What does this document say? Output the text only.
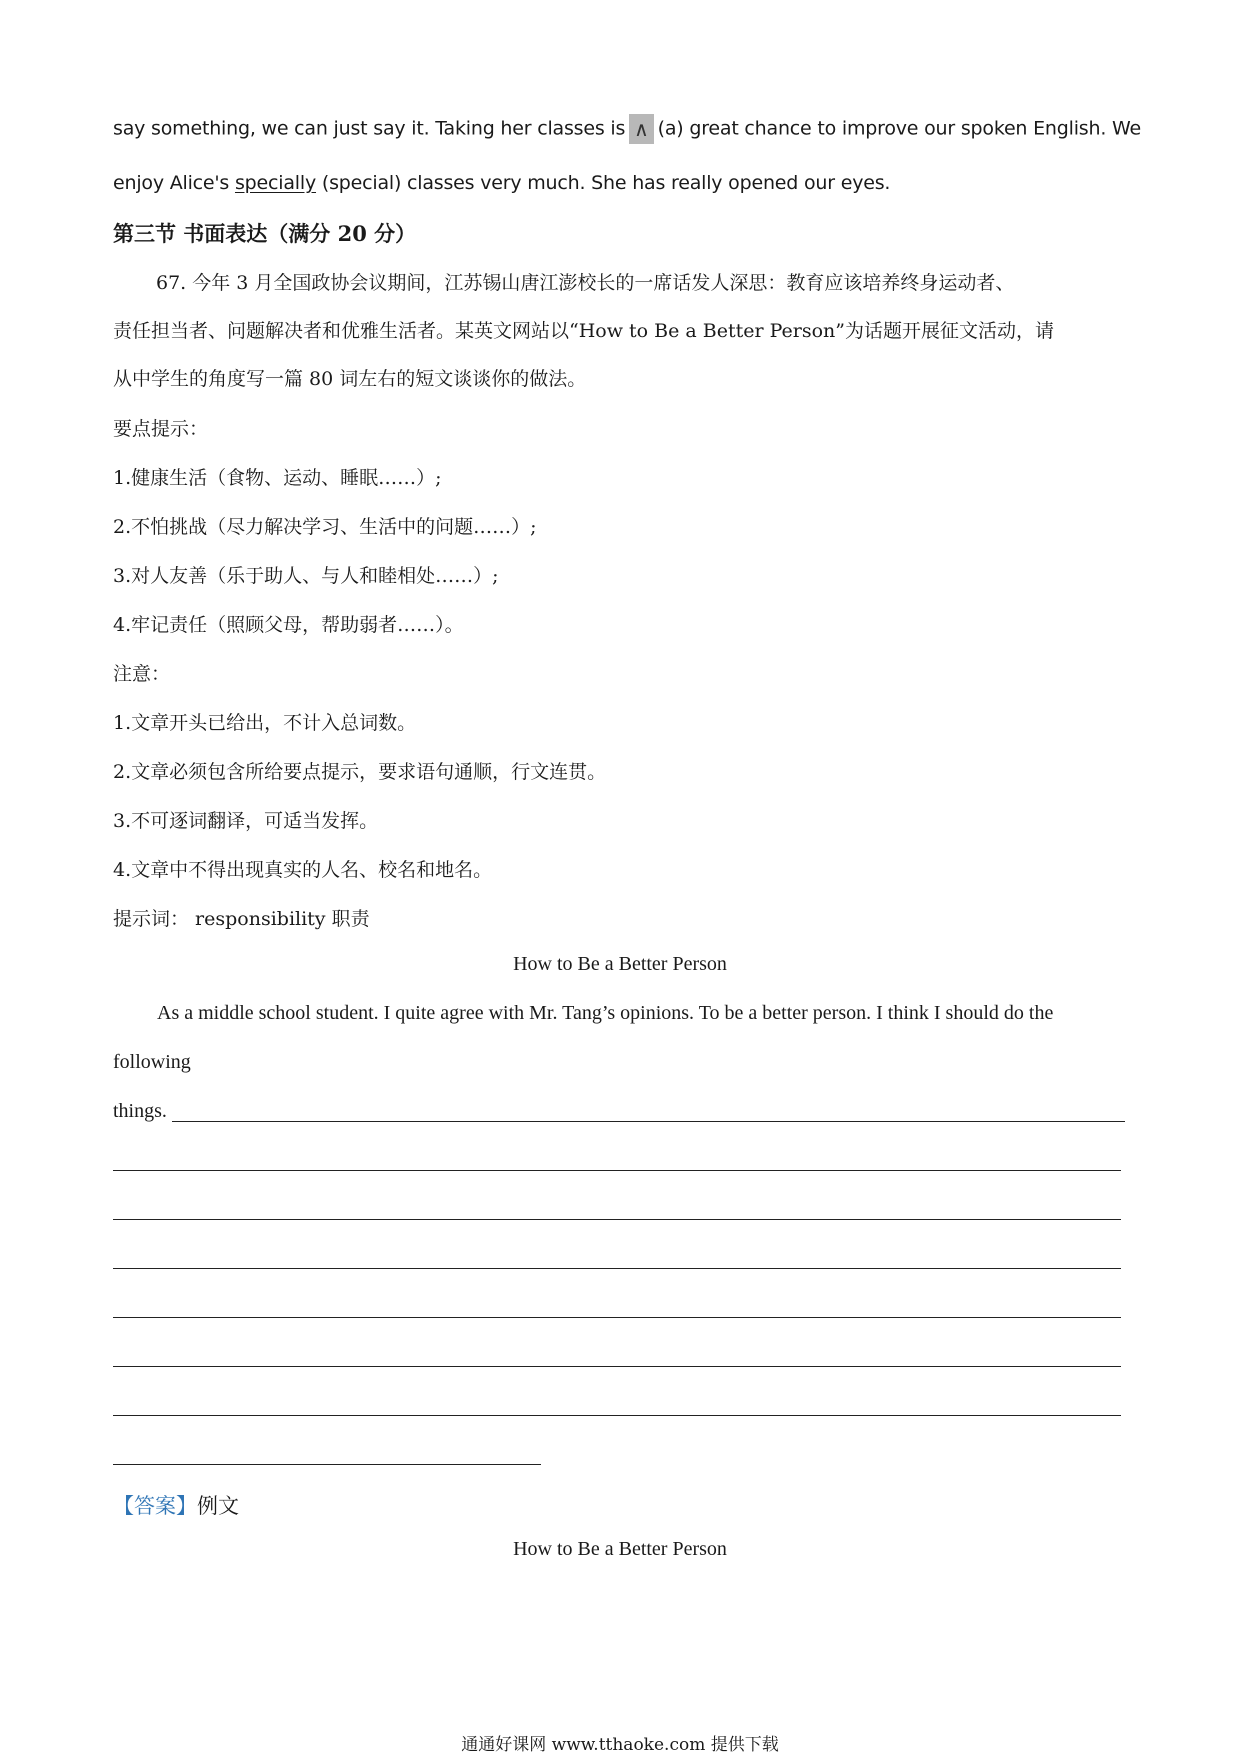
say something, we can just say it. Taking her classes is ∧ (a) great chance to improve our spoken English. We
enjoy Alice's specially (special) classes very much. She has really opened our eyes.
第三节 书面表达（满分 20 分）
67. 今年 3 月全国政协会议期间，江苏锡山唐江澎校长的一席话发人深思：教育应该培养终身运动者、
责任担当者、问题解决者和优雅生活者。某英文网站以“How to Be a Better Person”为话题开展征文活动，请
从中学生的角度写一篇 80 词左右的短文谈谈你的做法。
要点提示：
1.健康生活（食物、运动、睡眠……）;
2.不怕挑战（尽力解决学习、生活中的问题……）;
3.对人友善（乐于助人、与人和睦相处……）;
4.牢记责任（照顾父母，帮助弱者……）。
注意：
1.文章开头已给出，不计入总词数。
2.文章必须包含所给要点提示，要求语句通顺，行文连贯。
3.不可逐词翻译，可适当发挥。
4.文章中不得出现真实的人名、校名和地名。
提示词： responsibility 职责
How to Be a Better Person
As a middle school student. I quite agree with Mr. Tang’s opinions. To be a better person. I think I should do the
following
things.
【答案】例文
How to Be a Better Person
通通好课网 www.tthaoke.com 提供下载
